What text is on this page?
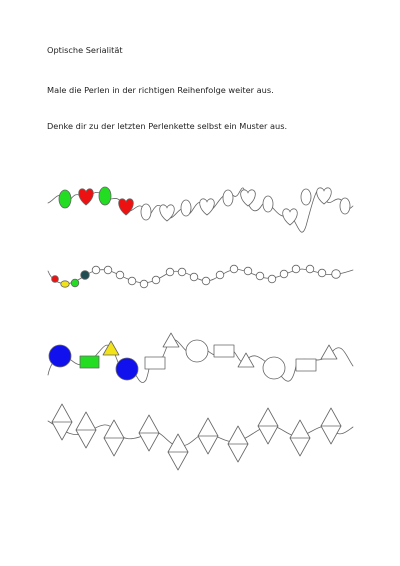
Optische Serialität
Male die Perlen in der richtigen Reihenfolge weiter aus.
Denke dir zu der letzten Perlenkette selbst ein Muster aus.
